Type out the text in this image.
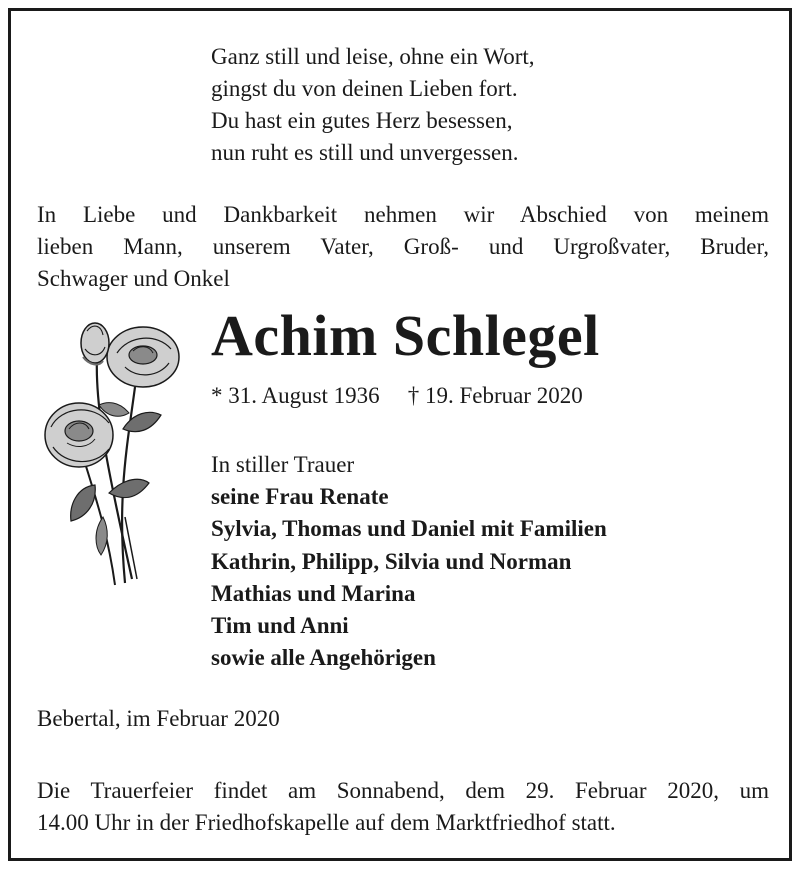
Ganz still und leise, ohne ein Wort,
gingst du von deinen Lieben fort.
Du hast ein gutes Herz besessen,
nun ruht es still und unvergessen.
In Liebe und Dankbarkeit nehmen wir Abschied von meinem
lieben Mann, unserem Vater, Groß- und Urgroßvater, Bruder,
Schwager und Onkel
Achim Schlegel
* 31. August 1936 † 19. Februar 2020
In stiller Trauer
seine Frau Renate
Sylvia, Thomas und Daniel mit Familien
Kathrin, Philipp, Silvia und Norman
Mathias und Marina
Tim und Anni
sowie alle Angehörigen
Bebertal, im Februar 2020
Die Trauerfeier findet am Sonnabend, dem 29. Februar 2020, um
14.00 Uhr in der Friedhofskapelle auf dem Marktfriedhof statt.
